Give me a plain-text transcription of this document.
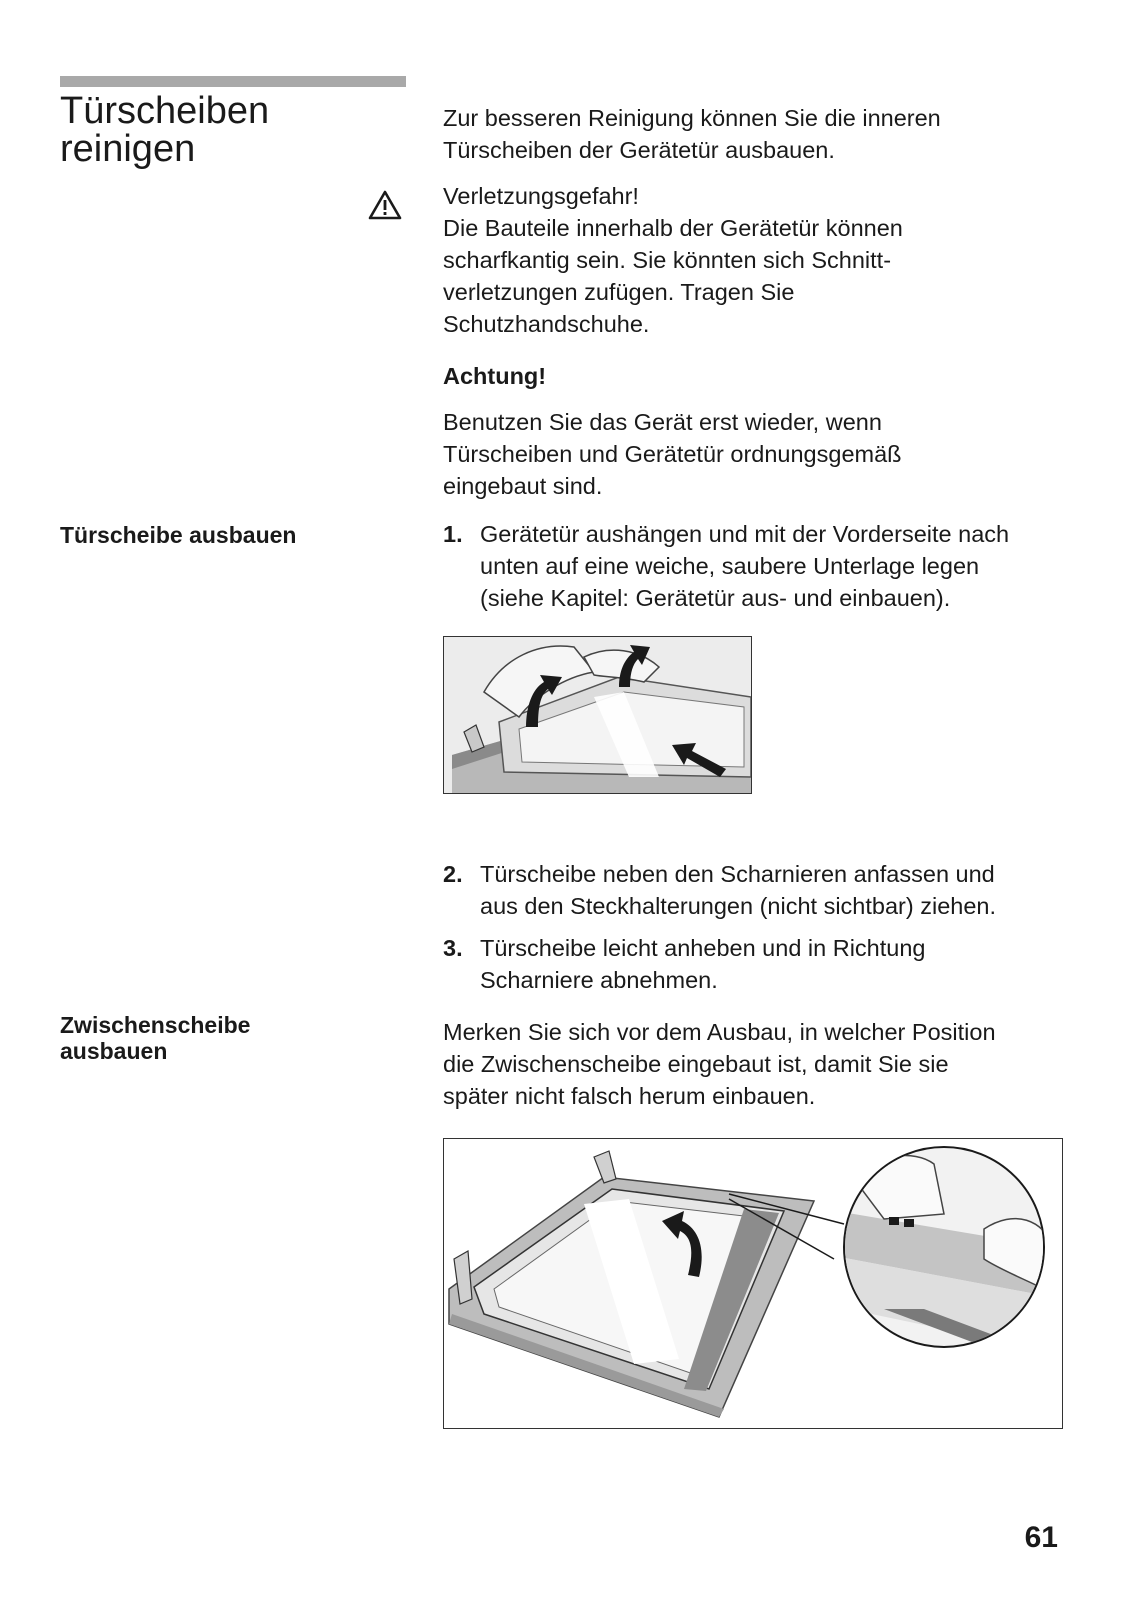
Türscheiben
reinigen
Zur besseren Reinigung können Sie die inneren
Türscheiben der Gerätetür ausbauen.
Verletzungsgefahr!
Die Bauteile innerhalb der Gerätetür können
scharfkantig sein. Sie könnten sich Schnitt-
verletzungen zufügen. Tragen Sie
Schutzhandschuhe.
Achtung!
Benutzen Sie das Gerät erst wieder, wenn
Türscheiben und Gerätetür ordnungsgemäß
eingebaut sind.
Türscheibe ausbauen	1. Gerätetür aushängen und mit der Vorderseite nach
unten auf eine weiche, saubere Unterlage legen
(siehe Kapitel: Gerätetür aus- und einbauen).
2. Türscheibe neben den Scharnieren anfassen und
aus den Steckhalterungen (nicht sichtbar) ziehen.
3. Türscheibe leicht anheben und in Richtung
Scharniere abnehmen.
Zwischenscheibe
ausbauen
Merken Sie sich vor dem Ausbau, in welcher Position
die Zwischenscheibe eingebaut ist, damit Sie sie
später nicht falsch herum einbauen.
61
